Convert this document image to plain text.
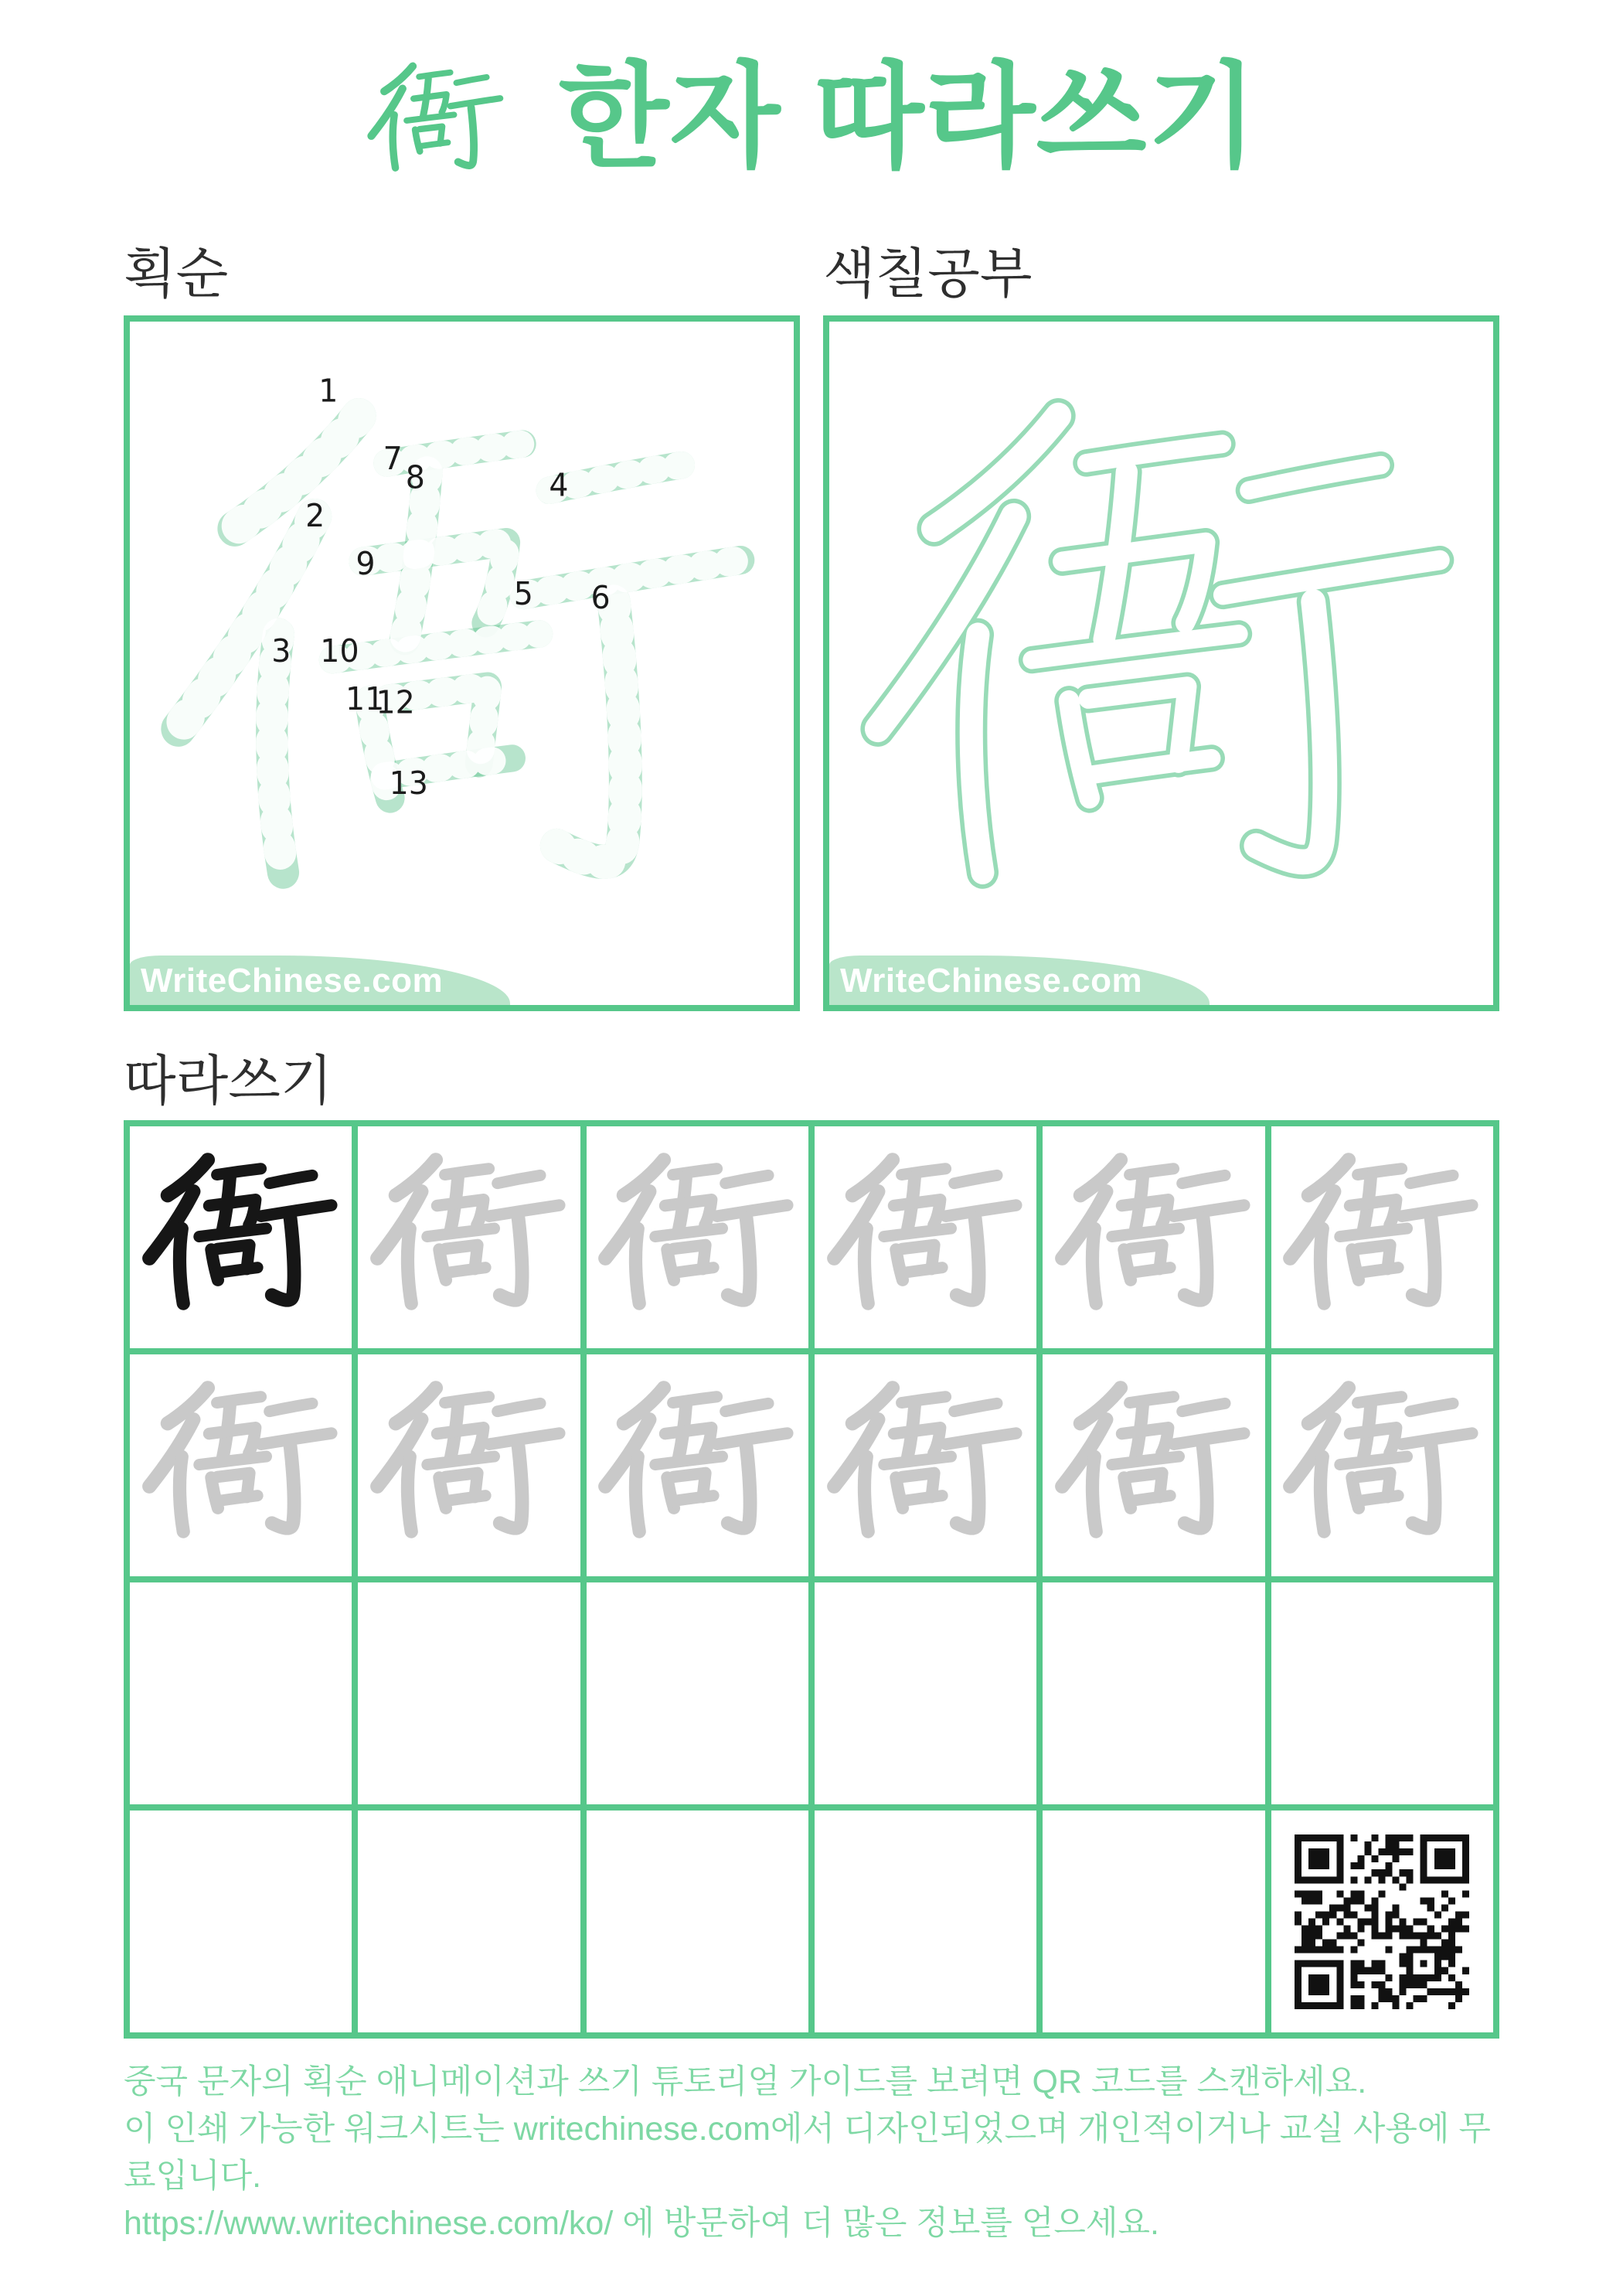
한자 따라쓰기
획순
1
2
3
4
5 6
7
8
9
10
11
12
13
WriteChinese.com
색칠공부
WriteChinese.com
따라쓰기
중국 문자의 획순 애니메이션과 쓰기 튜토리얼 가이드를 보려면 QR 코드를 스캔하세요.
이 인쇄 가능한 워크시트는 writechinese.com에서 디자인되었으며 개인적이거나 교실 사용에 무료입니다.
https://www.writechinese.com/ko/ 에 방문하여 더 많은 정보를 얻으세요.
